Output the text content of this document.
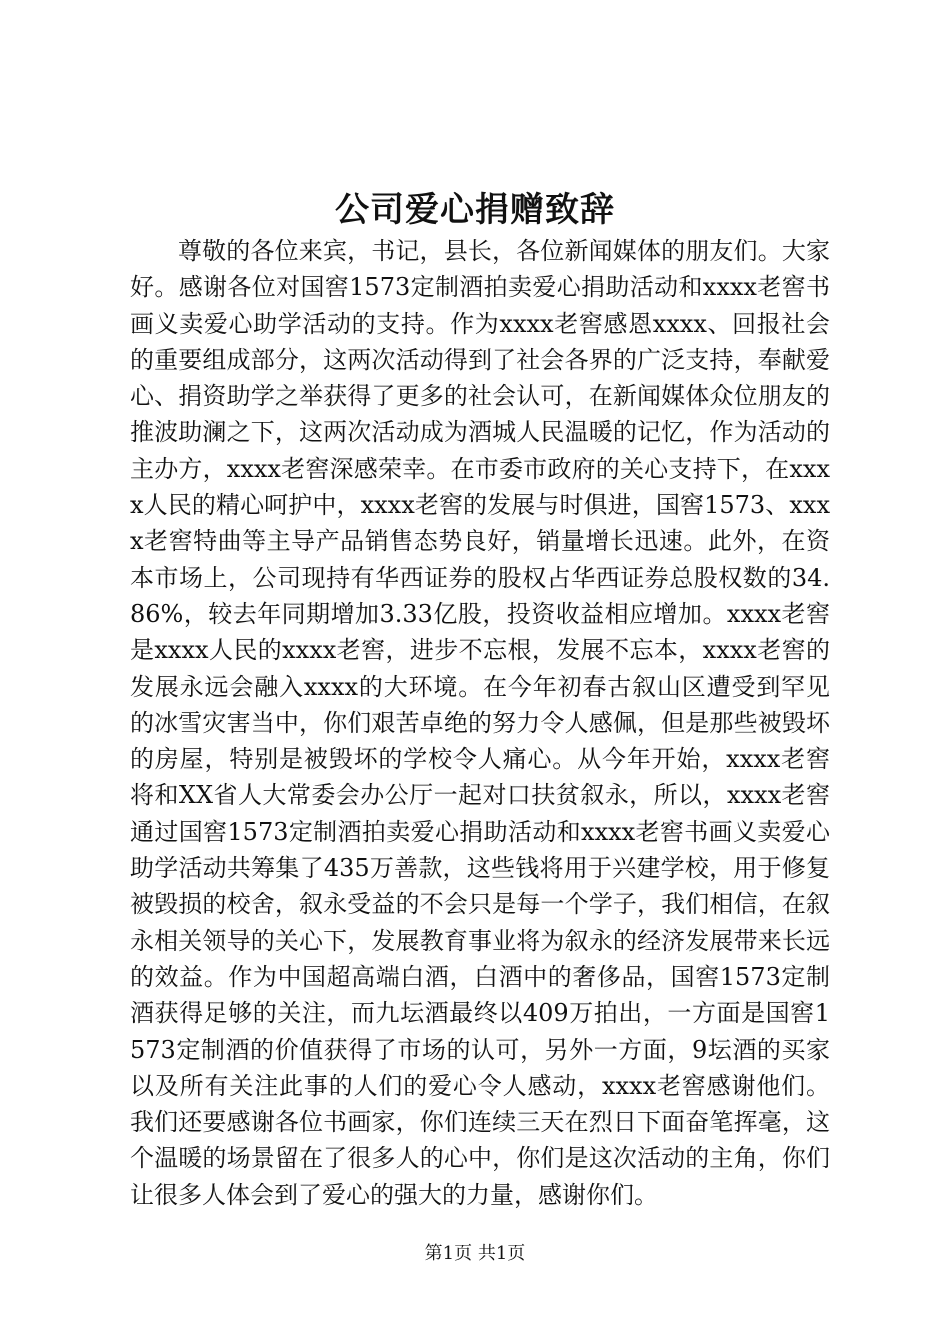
公司爱心捐赠致辞

尊敬的各位来宾，书记，县长，各位新闻媒体的朋友们。大家好。感谢各位对国窖1573定制酒拍卖爱心捐助活动和xxxx老窖书画义卖爱心助学活动的支持。作为xxxx老窖感恩xxxx、回报社会的重要组成部分，这两次活动得到了社会各界的广泛支持，奉献爱心、捐资助学之举获得了更多的社会认可，在新闻媒体众位朋友的推波助澜之下，这两次活动成为酒城人民温暖的记忆，作为活动的主办方，xxxx老窖深感荣幸。在市委市政府的关心支持下，在xxxx人民的精心呵护中，xxxx老窖的发展与时俱进，国窖1573、xxxx老窖特曲等主导产品销售态势良好，销量增长迅速。此外，在资本市场上，公司现持有华西证券的股权占华西证券总股权数的34.86%，较去年同期增加3.33亿股，投资收益相应增加。xxxx老窖是xxxx人民的xxxx老窖，进步不忘根，发展不忘本，xxxx老窖的发展永远会融入xxxx的大环境。在今年初春古叙山区遭受到罕见的冰雪灾害当中，你们艰苦卓绝的努力令人感佩，但是那些被毁坏的房屋，特别是被毁坏的学校令人痛心。从今年开始，xxxx老窖将和XX省人大常委会办公厅一起对口扶贫叙永，所以，xxxx老窖通过国窖1573定制酒拍卖爱心捐助活动和xxxx老窖书画义卖爱心助学活动共筹集了435万善款，这些钱将用于兴建学校，用于修复被毁损的校舍，叙永受益的不会只是每一个学子，我们相信，在叙永相关领导的关心下，发展教育事业将为叙永的经济发展带来长远的效益。作为中国超高端白酒，白酒中的奢侈品，国窖1573定制酒获得足够的关注，而九坛酒最终以409万拍出，一方面是国窖1573定制酒的价值获得了市场的认可，另外一方面，9坛酒的买家以及所有关注此事的人们的爱心令人感动，xxxx老窖感谢他们。我们还要感谢各位书画家，你们连续三天在烈日下面奋笔挥毫，这个温暖的场景留在了很多人的心中，你们是这次活动的主角，你们让很多人体会到了爱心的强大的力量，感谢你们。

第1页 共1页
